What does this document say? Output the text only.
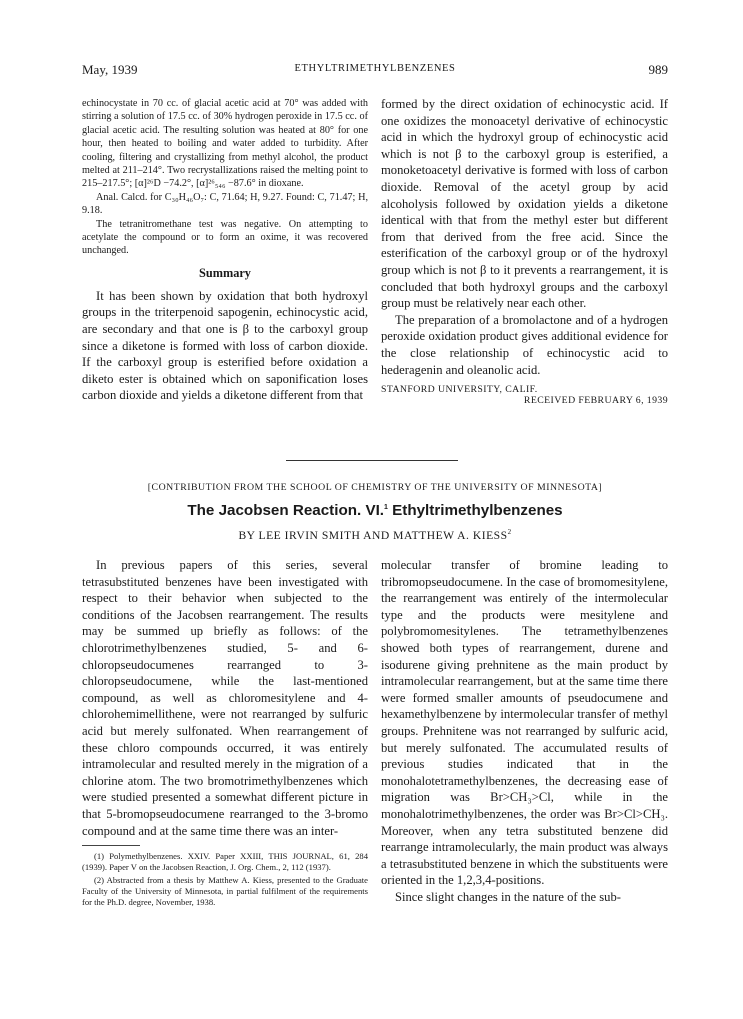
May, 1939	ETHYLTRIMETHYLBENZENES	989

echinocystate in 70 cc. of glacial acetic acid at 70° was added with stirring a solution of 17.5 cc. of 30% hydrogen peroxide in 17.5 cc. of glacial acetic acid. The resulting solution was heated at 80° for one hour, then heated to boiling and water added to turbidity. After cooling, filtering and crystallizing from methyl alcohol, the product melted at 211–214°. Two recrystallizations raised the melting point to 215–217.5°; [α]²⁶D −74.2°, [α]²⁶₅₄₆ −87.6° in dioxane.

Anal. Calcd. for C₃₀H₄₆O₇: C, 71.64; H, 9.27. Found: C, 71.47; H, 9.18.

The tetranitromethane test was negative. On attempting to acetylate the compound or to form an oxime, it was recovered unchanged.

Summary

It has been shown by oxidation that both hydroxyl groups in the triterpenoid sapogenin, echinocystic acid, are secondary and that one is β to the carboxyl group since a diketone is formed with loss of carbon dioxide. If the carboxyl group is esterified before oxidation a diketo ester is obtained which on saponification loses carbon dioxide and yields a diketone different from that

formed by the direct oxidation of echinocystic acid. If one oxidizes the monoacetyl derivative of echinocystic acid in which the hydroxyl group of echinocystic acid which is not β to the carboxyl group is esterified, a monoketoacetyl derivative is formed with loss of carbon dioxide. Removal of the acetyl group by acid alcoholysis followed by oxidation yields a diketone identical with that from the methyl ester but different from that derived from the free acid. Since the esterification of the carboxyl group or of the hydroxyl group which is not β to it prevents a rearrangement, it is concluded that both hydroxyl groups and the carboxyl group must be relatively near each other.

The preparation of a bromolactone and of a hydrogen peroxide oxidation product gives additional evidence for the close relationship of echinocystic acid to hederagenin and oleanolic acid.

STANFORD UNIVERSITY, CALIF.

RECEIVED FEBRUARY 6, 1939

[CONTRIBUTION FROM THE SCHOOL OF CHEMISTRY OF THE UNIVERSITY OF MINNESOTA]
The Jacobsen Reaction. VI.$^1$ Ethyltrimethylbenzenes
BY LEE IRVIN SMITH AND MATTHEW A. KIESS$^2$

In previous papers of this series, several tetrasubstituted benzenes have been investigated with respect to their behavior when subjected to the conditions of the Jacobsen rearrangement. The results may be summed up briefly as follows: of the chlorotrimethylbenzenes studied, 5- and 6-chloropseudocumenes rearranged to 3-chloropseudocumene, while the last-mentioned compound, as well as chloromesitylene and 4-chlorohemimellithene, were not rearranged by sulfuric acid but merely sulfonated. When rearrangement of these chloro compounds occurred, it was entirely intramolecular and resulted merely in the migration of a chlorine atom. The two bromotrimethylbenzenes which were studied presented a somewhat different picture in that 5-bromopseudocumene rearranged to the 3-bromo compound and at the same time there was an inter-

(1) Polymethylbenzenes. XXIV. Paper XXIII, THIS JOURNAL, 61, 284 (1939). Paper V on the Jacobsen Reaction, J. Org. Chem., 2, 112 (1937).

(2) Abstracted from a thesis by Matthew A. Kiess, presented to the Graduate Faculty of the University of Minnesota, in partial fulfilment of the requirements for the Ph.D. degree, November, 1938.

molecular transfer of bromine leading to tribromopseudocumene. In the case of bromomesitylene, the rearrangement was entirely of the intermolecular type and the products were mesitylene and polybromomesitylenes. The tetramethylbenzenes showed both types of rearrangement, durene and isodurene giving prehnitene as the main product by intramolecular rearrangement, but at the same time there were formed smaller amounts of pseudocumene and hexamethylbenzene by intermolecular transfer of methyl groups. Prehnitene was not rearranged by sulfuric acid, but merely sulfonated. The accumulated results of previous studies indicated that in the monohalotetramethylbenzenes, the decreasing ease of migration was Br>CH₃>Cl, while in the monohalotrimethylbenzenes, the order was Br>Cl>CH₃. Moreover, when any tetra substituted benzene did rearrange intramolecularly, the main product was always a tetrasubstituted benzene in which the substituents were oriented in the 1,2,3,4-positions.

Since slight changes in the nature of the sub-
